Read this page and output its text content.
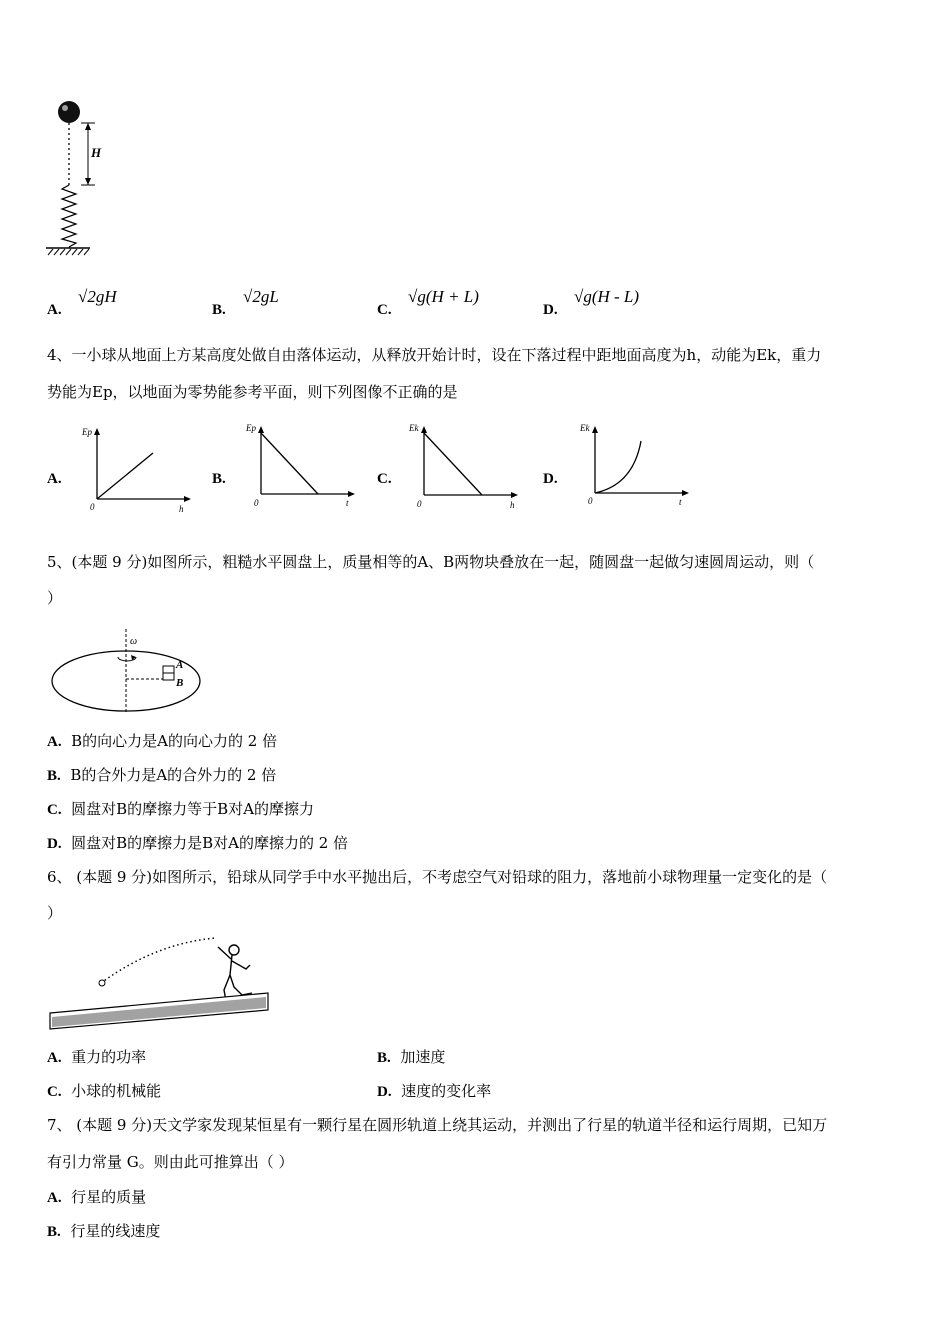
H
A.
√2gH
B.
√2gL
C.
√g(H + L)
D.
√g(H - L)
4、一小球从地面上方某高度处做自由落体运动，从释放开始计时，设在下落过程中距地面高度为h，动能为Ek，重力
势能为Ep，以地面为零势能参考平面，则下列图像不正确的是
A.
Ep
0	h
B.
Ep
0	t
C.
Ek
0	h
D.
Ek
0	t
5、(本题 9 分)如图所示，粗糙水平圆盘上，质量相等的A、B两物块叠放在一起，随圆盘一起做匀速圆周运动，则（
）
ω
A
B
A. B的向心力是A的向心力的 2 倍
B. B的合外力是A的合外力的 2 倍
C. 圆盘对B的摩擦力等于B对A的摩擦力
D. 圆盘对B的摩擦力是B对A的摩擦力的 2 倍
6、 (本题 9 分)如图所示，铅球从同学手中水平抛出后，不考虑空气对铅球的阻力，落地前小球物理量一定变化的是（
）
A. 重力的功率	B. 加速度
C. 小球的机械能	D. 速度的变化率
7、 (本题 9 分)天文学家发现某恒星有一颗行星在圆形轨道上绕其运动，并测出了行星的轨道半径和运行周期，已知万
有引力常量 G。则由此可推算出（ ）
A. 行星的质量
B. 行星的线速度
